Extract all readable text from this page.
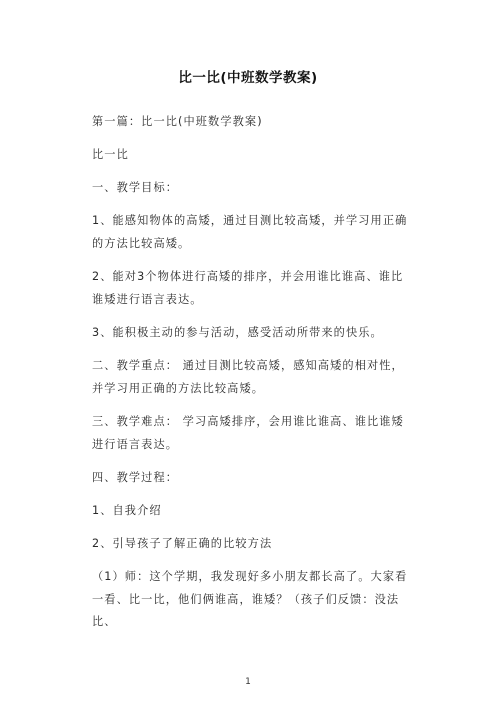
比一比(中班数学教案)

第一篇：比一比(中班数学教案)

比一比

一、教学目标：

1、能感知物体的高矮，通过目测比较高矮，并学习用正确的方法比较高矮。

2、能对3个物体进行高矮的排序，并会用谁比谁高、谁比谁矮进行语言表达。

3、能积极主动的参与活动，感受活动所带来的快乐。

二、教学重点： 通过目测比较高矮，感知高矮的相对性，并学习用正确的方法比较高矮。

三、教学难点： 学习高矮排序，会用谁比谁高、谁比谁矮进行语言表达。

四、教学过程：

1、自我介绍

2、引导孩子了解正确的比较方法

（1）师：这个学期，我发现好多小朋友都长高了。大家看一看、比一比，他们俩谁高，谁矮？（孩子们反馈：没法比、

1
